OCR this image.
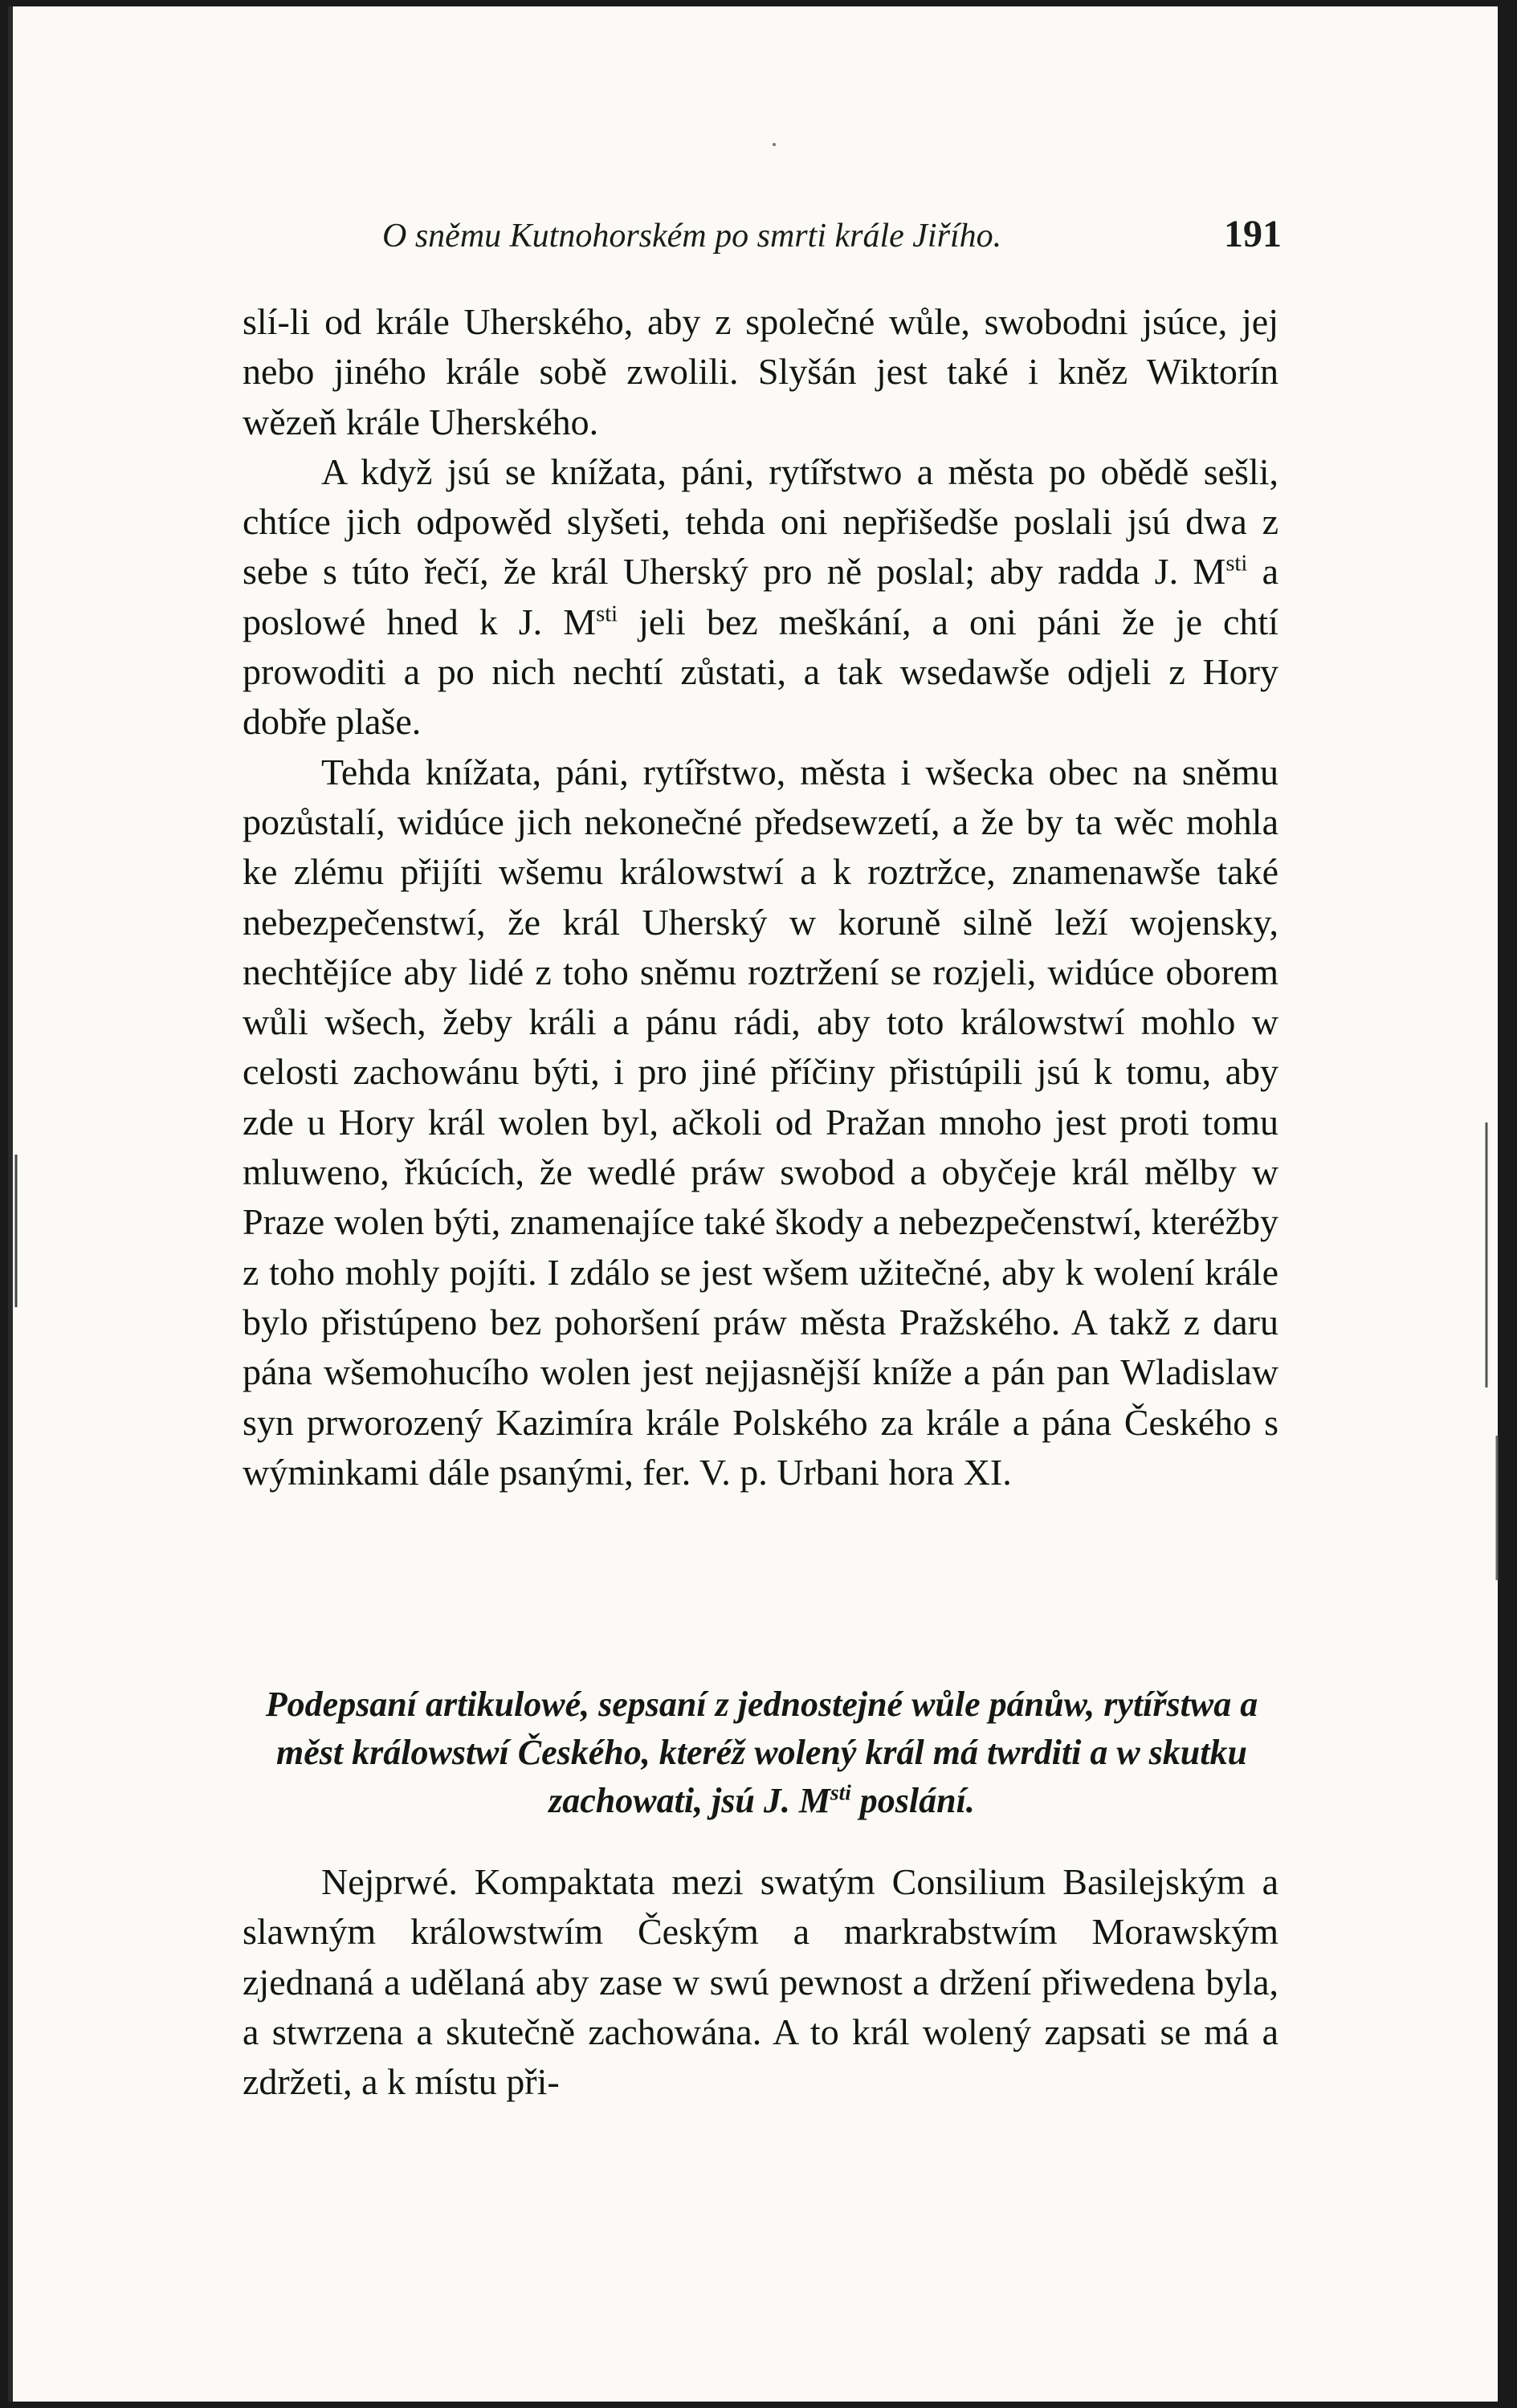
O sněmu Kutnohorském po smrti krále Jiřího.	191

slí-li od krále Uherského, aby z společné wůle, swobodni jsúce, jej nebo jiného krále sobě zwolili. Slyšán jest také i kněz Wiktorín wězeň krále Uherského.

A když jsú se knížata, páni, rytířstwo a města po obědě sešli, chtíce jich odpowěd slyšeti, tehda oni nepřišedše poslali jsú dwa z sebe s túto řečí, že král Uherský pro ně poslal; aby radda J. $M^{sti}$ a poslowé hned k J. $M^{sti}$ jeli bez meškání, a oni páni že je chtí prowoditi a po nich nechtí zůstati, a tak wsedawše odjeli z Hory dobře plaše.

Tehda knížata, páni, rytířstwo, města i wšecka obec na sněmu pozůstalí, widúce jich nekonečné předsewzetí, a že by ta wěc mohla ke zlému přijíti wšemu králowstwí a k roztržce, znamenawše také nebezpečenstwí, že král Uherský w koruně silně leží wojensky, nechtějíce aby lidé z toho sněmu roztržení se rozjeli, widúce oborem wůli wšech, žeby králi a pánu rádi, aby toto králowstwí mohlo w celosti zachowánu býti, i pro jiné příčiny přistúpili jsú k tomu, aby zde u Hory král wolen byl, ačkoli od Pražan mnoho jest proti tomu mluweno, řkúcích, že wedlé práw swobod a obyčeje král mělby w Praze wolen býti, znamenajíce také škody a nebezpečenstwí, kteréžby z toho mohly pojíti. I zdálo se jest wšem užitečné, aby k wolení krále bylo přistúpeno bez pohoršení práw města Pražského. A takž z daru pána wšemohucího wolen jest nejjasnější kníže a pán pan Wladislaw syn prworozený Kazimíra krále Polského za krále a pána Českého s wýminkami dále psanými, fer. V. p. Urbani hora XI.

Podepsaní artikulowé, sepsaní z jednostejné wůle pánůw, rytířstwa a měst králowstwí Českého, kteréž wolený král má twrditi a w skutku zachowati, jsú J. $M^{sti}$ poslání.

Nejprwé. Kompaktata mezi swatým Consilium Basilejským a slawným králowstwím Českým a markrabstwím Morawským zjednaná a udělaná aby zase w swú pewnost a držení přiwedena byla, a stwrzena a skutečně zachowána. A to král wolený zapsati se má a zdržeti, a k místu při-
